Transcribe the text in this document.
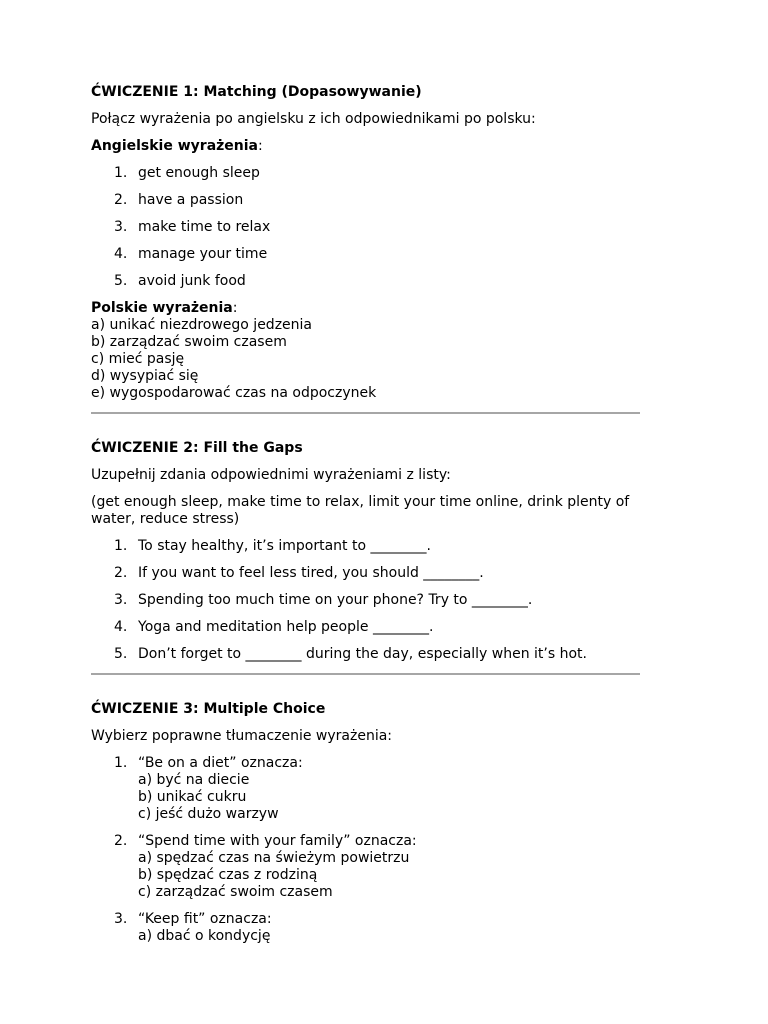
ĆWICZENIE 1: Matching (Dopasowywanie)
Połącz wyrażenia po angielsku z ich odpowiednikami po polsku:
Angielskie wyrażenia:
1. get enough sleep
2. have a passion
3. make time to relax
4. manage your time
5. avoid junk food
Polskie wyrażenia:
a) unikać niezdrowego jedzenia
b) zarządzać swoim czasem
c) mieć pasję
d) wysypiać się
e) wygospodarować czas na odpoczynek
ĆWICZENIE 2: Fill the Gaps
Uzupełnij zdania odpowiednimi wyrażeniami z listy:
(get enough sleep, make time to relax, limit your time online, drink plenty of water, reduce stress)
1. To stay healthy, it’s important to ________.
2. If you want to feel less tired, you should ________.
3. Spending too much time on your phone? Try to ________.
4. Yoga and meditation help people ________.
5. Don’t forget to ________ during the day, especially when it’s hot.
ĆWICZENIE 3: Multiple Choice
Wybierz poprawne tłumaczenie wyrażenia:
1. “Be on a diet” oznacza:
a) być na diecie
b) unikać cukru
c) jeść dużo warzyw
2. “Spend time with your family” oznacza:
a) spędzać czas na świeżym powietrzu
b) spędzać czas z rodziną
c) zarządzać swoim czasem
3. “Keep fit” oznacza:
a) dbać o kondycję
